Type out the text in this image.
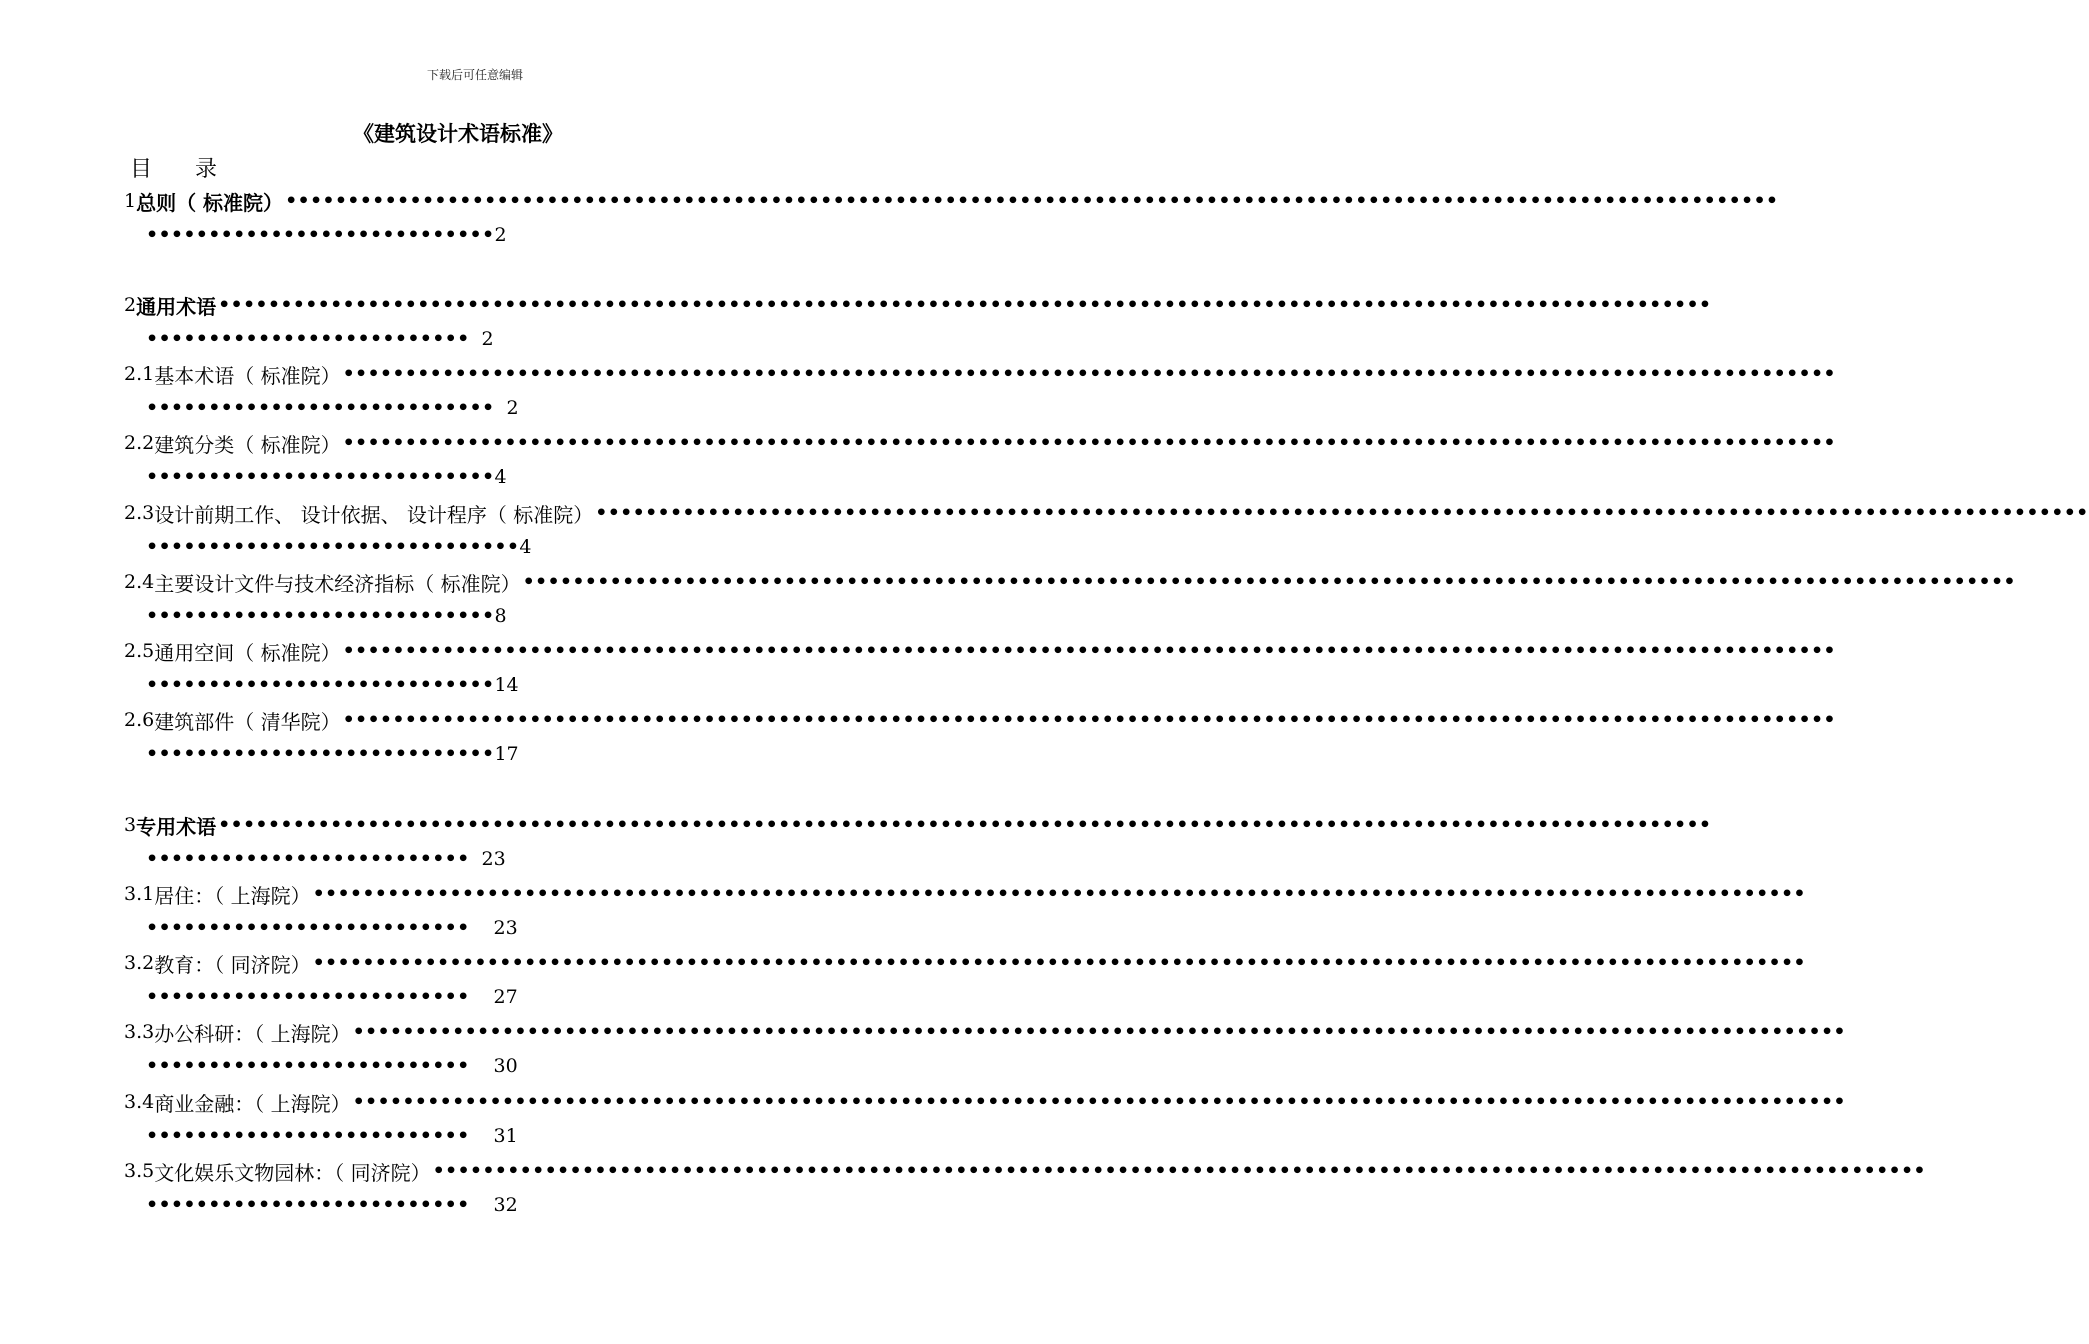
下载后可任意编辑
《建筑设计术语标准》
目 录
1 总则（ 标准院） ••••••••••••••••••••••••••••••••••••••••••••••••••••••••••••••••••••••••••••••••••••••••••••••••••••••••••••••••••••••••
•••••••••••••••••••••••••••• 2
2 通用术语 ••••••••••••••••••••••••••••••••••••••••••••••••••••••••••••••••••••••••••••••••••••••••••••••••••••••••••••••••••••••••
•••••••••••••••••••••••••• 2
2.1 基本术语（ 标准院） ••••••••••••••••••••••••••••••••••••••••••••••••••••••••••••••••••••••••••••••••••••••••••••••••••••••••••••••••••••••••
•••••••••••••••••••••••••••• 2
2.2 建筑分类（ 标准院） ••••••••••••••••••••••••••••••••••••••••••••••••••••••••••••••••••••••••••••••••••••••••••••••••••••••••••••••••••••••••
•••••••••••••••••••••••••••• 4
2.3 设计前期工作、 设计依据、 设计程序（ 标准院） ••••••••••••••••••••••••••••••••••••••••••••••••••••••••••••••••••••••••••••••••••••••••••••••••••••••••••••••••••••••••
•••••••••••••••••••••••••••••• 4
2.4 主要设计文件与技术经济指标（ 标准院） ••••••••••••••••••••••••••••••••••••••••••••••••••••••••••••••••••••••••••••••••••••••••••••••••••••••••••••••••••••••••
•••••••••••••••••••••••••••• 8
2.5 通用空间（ 标准院） ••••••••••••••••••••••••••••••••••••••••••••••••••••••••••••••••••••••••••••••••••••••••••••••••••••••••••••••••••••••••
•••••••••••••••••••••••••••• 14
2.6 建筑部件（ 清华院） ••••••••••••••••••••••••••••••••••••••••••••••••••••••••••••••••••••••••••••••••••••••••••••••••••••••••••••••••••••••••
•••••••••••••••••••••••••••• 17
3 专用术语 ••••••••••••••••••••••••••••••••••••••••••••••••••••••••••••••••••••••••••••••••••••••••••••••••••••••••••••••••••••••••
•••••••••••••••••••••••••• 23
3.1 居住：（ 上海院） ••••••••••••••••••••••••••••••••••••••••••••••••••••••••••••••••••••••••••••••••••••••••••••••••••••••••••••••••••••••••
•••••••••••••••••••••••••• 23
3.2 教育：（ 同济院） ••••••••••••••••••••••••••••••••••••••••••••••••••••••••••••••••••••••••••••••••••••••••••••••••••••••••••••••••••••••••
•••••••••••••••••••••••••• 27
3.3 办公科研：（ 上海院） ••••••••••••••••••••••••••••••••••••••••••••••••••••••••••••••••••••••••••••••••••••••••••••••••••••••••••••••••••••••••
•••••••••••••••••••••••••• 30
3.4 商业金融：（ 上海院） ••••••••••••••••••••••••••••••••••••••••••••••••••••••••••••••••••••••••••••••••••••••••••••••••••••••••••••••••••••••••
•••••••••••••••••••••••••• 31
3.5 文化娱乐文物园林：（ 同济院） ••••••••••••••••••••••••••••••••••••••••••••••••••••••••••••••••••••••••••••••••••••••••••••••••••••••••••••••••••••••••
•••••••••••••••••••••••••• 32
